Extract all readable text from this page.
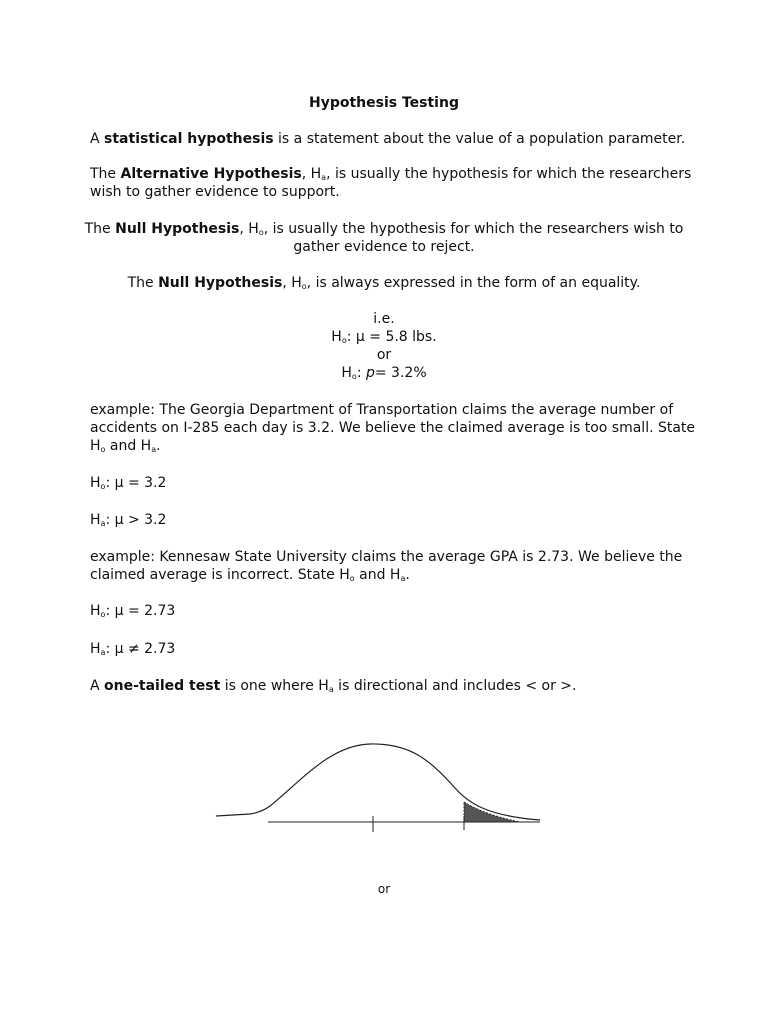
Hypothesis Testing
A statistical hypothesis is a statement about the value of a population parameter.
The Alternative Hypothesis, $H_a$, is usually the hypothesis for which the researchers
wish to gather evidence to support.
The Null Hypothesis, $H_o$, is usually the hypothesis for which the researchers wish to
gather evidence to reject.
The Null Hypothesis, $H_o$, is always expressed in the form of an equality.
i.e.
$H_o$: μ = 5.8 lbs.
or
$H_o$: p= 3.2%
example: The Georgia Department of Transportation claims the average number of
accidents on I-285 each day is 3.2. We believe the claimed average is too small. State
$H_o$ and $H_a$.
$H_o$: μ = 3.2
$H_a$: μ > 3.2
example: Kennesaw State University claims the average GPA is 2.73. We believe the
claimed average is incorrect. State $H_o$ and $H_a$.
$H_o$: μ = 2.73
$H_a$: μ ≠ 2.73
A one-tailed test is one where $H_a$ is directional and includes < or >.
or
